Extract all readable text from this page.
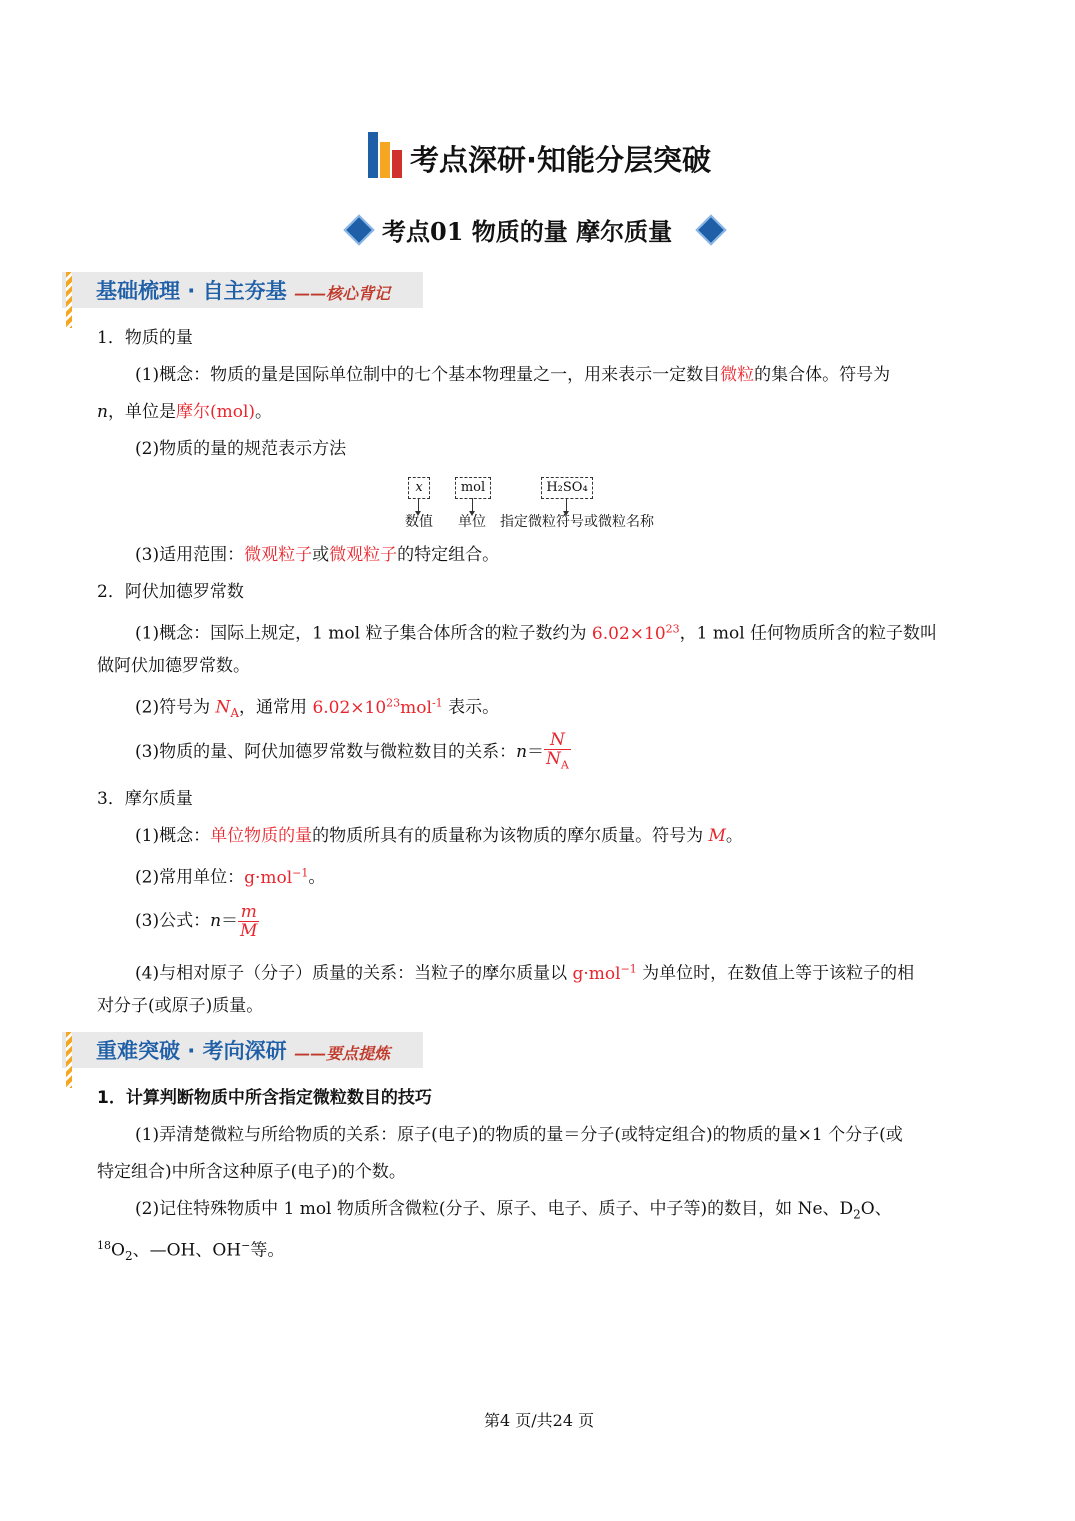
考点深研·知能分层突破
考点01 物质的量 摩尔质量
基础梳理 · 自主夯基 ——核心背记

1．物质的量

(1)概念：物质的量是国际单位制中的七个基本物理量之一，用来表示一定数目微粒的集合体。符号为

n，单位是摩尔(mol)。

(2)物质的量的规范表示方法

x	mol	H₂SO₄
数值 单位 指定微粒符号或微粒名称

(3)适用范围：微观粒子或微观粒子的特定组合。

2．阿伏加德罗常数

(1)概念：国际上规定，1 mol 粒子集合体所含的粒子数约为 $6.02\times 10^{23}$，1 mol 任何物质所含的粒子数叫

做阿伏加德罗常数。

(2)符号为 $N_A$，通常用 $6.02\times 10^{23}mol^{-1}$ 表示。

(3)物质的量、阿伏加德罗常数与微粒数目的关系：$n= \frac{N}{N_A}$

3．摩尔质量

(1)概念：单位物质的量的物质所具有的质量称为该物质的摩尔质量。符号为 M。

(2)常用单位：g·mol$^{-1}$。

(3)公式：$n= \frac{m}{M}$

(4)与相对原子（分子）质量的关系：当粒子的摩尔质量以 g·mol$^{-1}$ 为单位时，在数值上等于该粒子的相

对分子(或原子)质量。

重难突破 · 考向深研 ——要点提炼

1．计算判断物质中所含指定微粒数目的技巧

(1)弄清楚微粒与所给物质的关系：原子(电子)的物质的量＝分子(或特定组合)的物质的量×1 个分子(或

特定组合)中所含这种原子(电子)的个数。

(2)记住特殊物质中 1 mol 物质所含微粒(分子、原子、电子、质子、中子等)的数目，如 Ne、$D_2O$、

$^{18}O_2$、—OH、OH−等。

第4 页/共24 页
